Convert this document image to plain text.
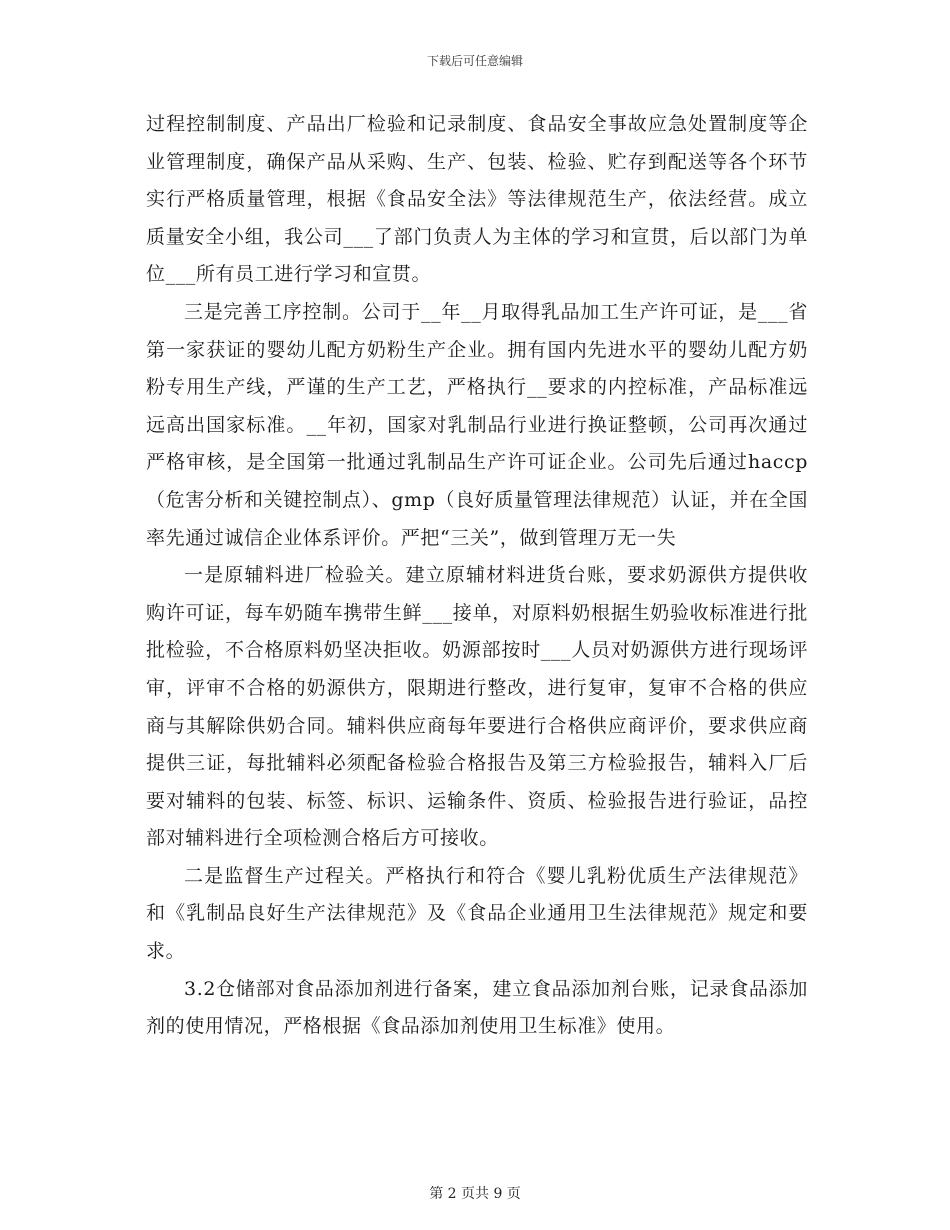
下载后可任意编辑

过程控制制度、产品出厂检验和记录制度、食品安全事故应急处置制度等企业管理制度，确保产品从采购、生产、包装、检验、贮存到配送等各个环节实行严格质量管理，根据《食品安全法》等法律规范生产，依法经营。成立质量安全小组，我公司___了部门负责人为主体的学习和宣贯，后以部门为单位___所有员工进行学习和宣贯。

三是完善工序控制。公司于__年__月取得乳品加工生产许可证，是___省第一家获证的婴幼儿配方奶粉生产企业。拥有国内先进水平的婴幼儿配方奶粉专用生产线，严谨的生产工艺，严格执行__要求的内控标准，产品标准远远高出国家标准。__年初，国家对乳制品行业进行换证整顿，公司再次通过严格审核，是全国第一批通过乳制品生产许可证企业。公司先后通过haccp（危害分析和关键控制点）、gmp（良好质量管理法律规范）认证，并在全国率先通过诚信企业体系评价。严把“三关”，做到管理万无一失

一是原辅料进厂检验关。建立原辅材料进货台账，要求奶源供方提供收购许可证，每车奶随车携带生鲜___接单，对原料奶根据生奶验收标准进行批批检验，不合格原料奶坚决拒收。奶源部按时___人员对奶源供方进行现场评审，评审不合格的奶源供方，限期进行整改，进行复审，复审不合格的供应商与其解除供奶合同。辅料供应商每年要进行合格供应商评价，要求供应商提供三证，每批辅料必须配备检验合格报告及第三方检验报告，辅料入厂后要对辅料的包装、标签、标识、运输条件、资质、检验报告进行验证，品控部对辅料进行全项检测合格后方可接收。

二是监督生产过程关。严格执行和符合《婴儿乳粉优质生产法律规范》和《乳制品良好生产法律规范》及《食品企业通用卫生法律规范》规定和要求。

3.2仓储部对食品添加剂进行备案，建立食品添加剂台账，记录食品添加剂的使用情况，严格根据《食品添加剂使用卫生标准》使用。

第 2 页共 9 页
